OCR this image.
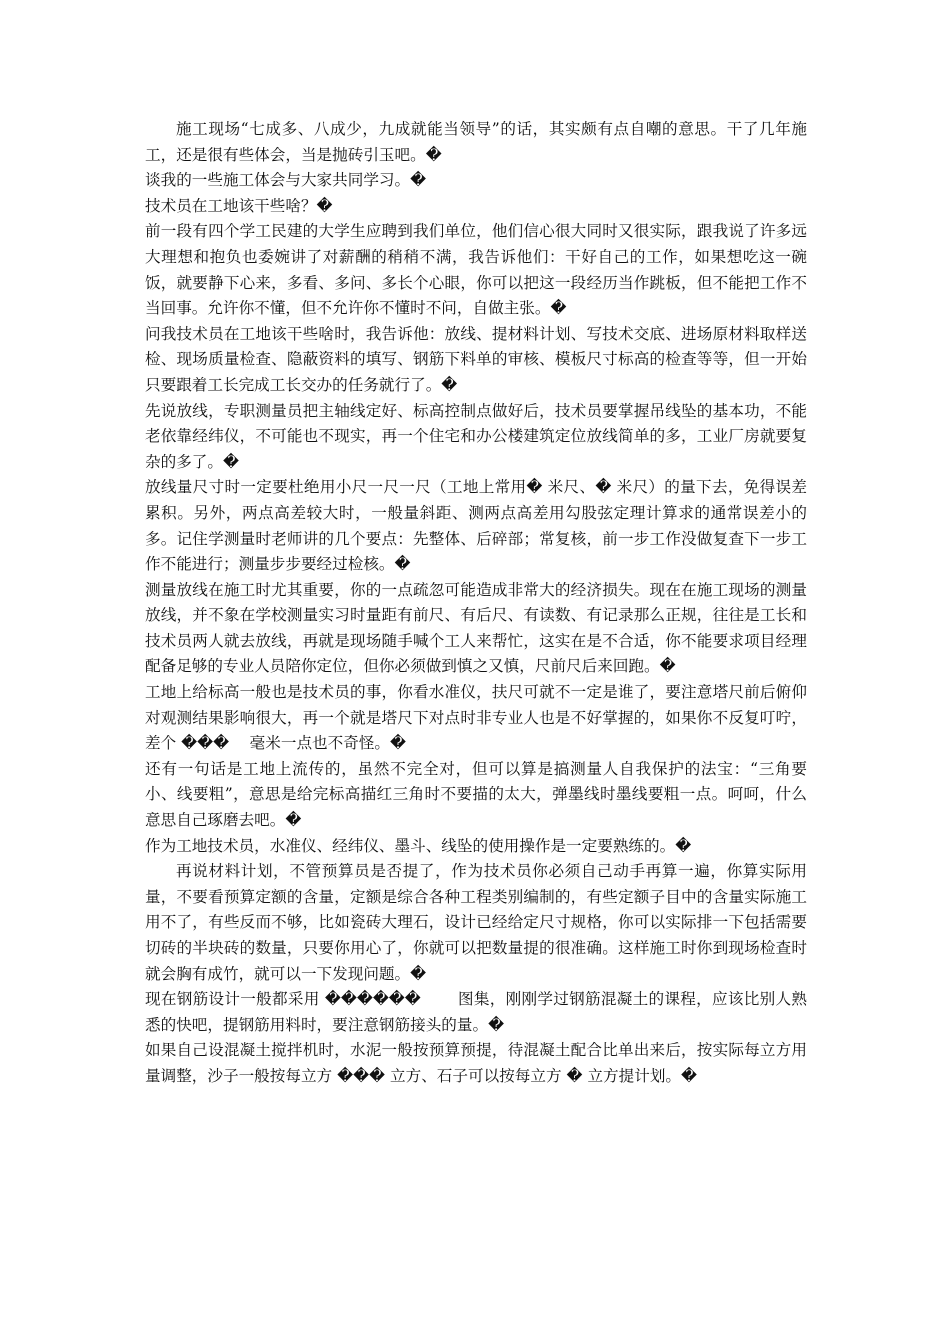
施工现场“七成多、八成少，九成就能当领导”的话，其实颇有点自嘲的意思。干了几年施工，还是很有些体会，当是抛砖引玉吧。�

谈我的一些施工体会与大家共同学习。�

技术员在工地该干些啥？�

前一段有四个学工民建的大学生应聘到我们单位，他们信心很大同时又很实际，跟我说了许多远大理想和抱负也委婉讲了对薪酬的稍稍不满，我告诉他们：干好自己的工作，如果想吃这一碗饭，就要静下心来，多看、多问、多长个心眼，你可以把这一段经历当作跳板，但不能把工作不当回事。允许你不懂，但不允许你不懂时不问，自做主张。�

问我技术员在工地该干些啥时，我告诉他：放线、提材料计划、写技术交底、进场原材料取样送检、现场质量检查、隐蔽资料的填写、钢筋下料单的审核、模板尺寸标高的检查等等，但一开始只要跟着工长完成工长交办的任务就行了。�

先说放线，专职测量员把主轴线定好、标高控制点做好后，技术员要掌握吊线坠的基本功，不能老依靠经纬仪，不可能也不现实，再一个住宅和办公楼建筑定位放线简单的多，工业厂房就要复杂的多了。�

放线量尺寸时一定要杜绝用小尺一尺一尺（工地上常用� 米尺、� 米尺）的量下去，免得误差累积。另外，两点高差较大时，一般量斜距、测两点高差用勾股弦定理计算求的通常误差小的多。记住学测量时老师讲的几个要点：先整体、后碎部；常复核，前一步工作没做复查下一步工作不能进行；测量步步要经过检核。�

测量放线在施工时尤其重要，你的一点疏忽可能造成非常大的经济损失。现在在施工现场的测量放线，并不象在学校测量实习时量距有前尺、有后尺、有读数、有记录那么正规，往往是工长和技术员两人就去放线，再就是现场随手喊个工人来帮忙，这实在是不合适，你不能要求项目经理配备足够的专业人员陪你定位，但你必须做到慎之又慎，尺前尺后来回跑。�

工地上给标高一般也是技术员的事，你看水准仪，扶尺可就不一定是谁了，要注意塔尺前后俯仰对观测结果影响很大，再一个就是塔尺下对点时非专业人也是不好掌握的，如果你不反复叮咛，差个 ���　 毫米一点也不奇怪。�

还有一句话是工地上流传的，虽然不完全对，但可以算是搞测量人自我保护的法宝：“三角要小、线要粗”，意思是给完标高描红三角时不要描的太大，弹墨线时墨线要粗一点。呵呵，什么意思自己琢磨去吧。�

作为工地技术员，水准仪、经纬仪、墨斗、线坠的使用操作是一定要熟练的。�

再说材料计划，不管预算员是否提了，作为技术员你必须自己动手再算一遍，你算实际用量，不要看预算定额的含量，定额是综合各种工程类别编制的，有些定额子目中的含量实际施工用不了，有些反而不够，比如瓷砖大理石，设计已经给定尺寸规格，你可以实际排一下包括需要切砖的半块砖的数量，只要你用心了，你就可以把数量提的很准确。这样施工时你到现场检查时就会胸有成竹，就可以一下发现问题。�

现在钢筋设计一般都采用 ������　　 图集，刚刚学过钢筋混凝土的课程，应该比别人熟悉的快吧，提钢筋用料时，要注意钢筋接头的量。�

如果自己设混凝土搅拌机时，水泥一般按预算预提，待混凝土配合比单出来后，按实际每立方用量调整，沙子一般按每立方 ��� 立方、石子可以按每立方 � 立方提计划。�
